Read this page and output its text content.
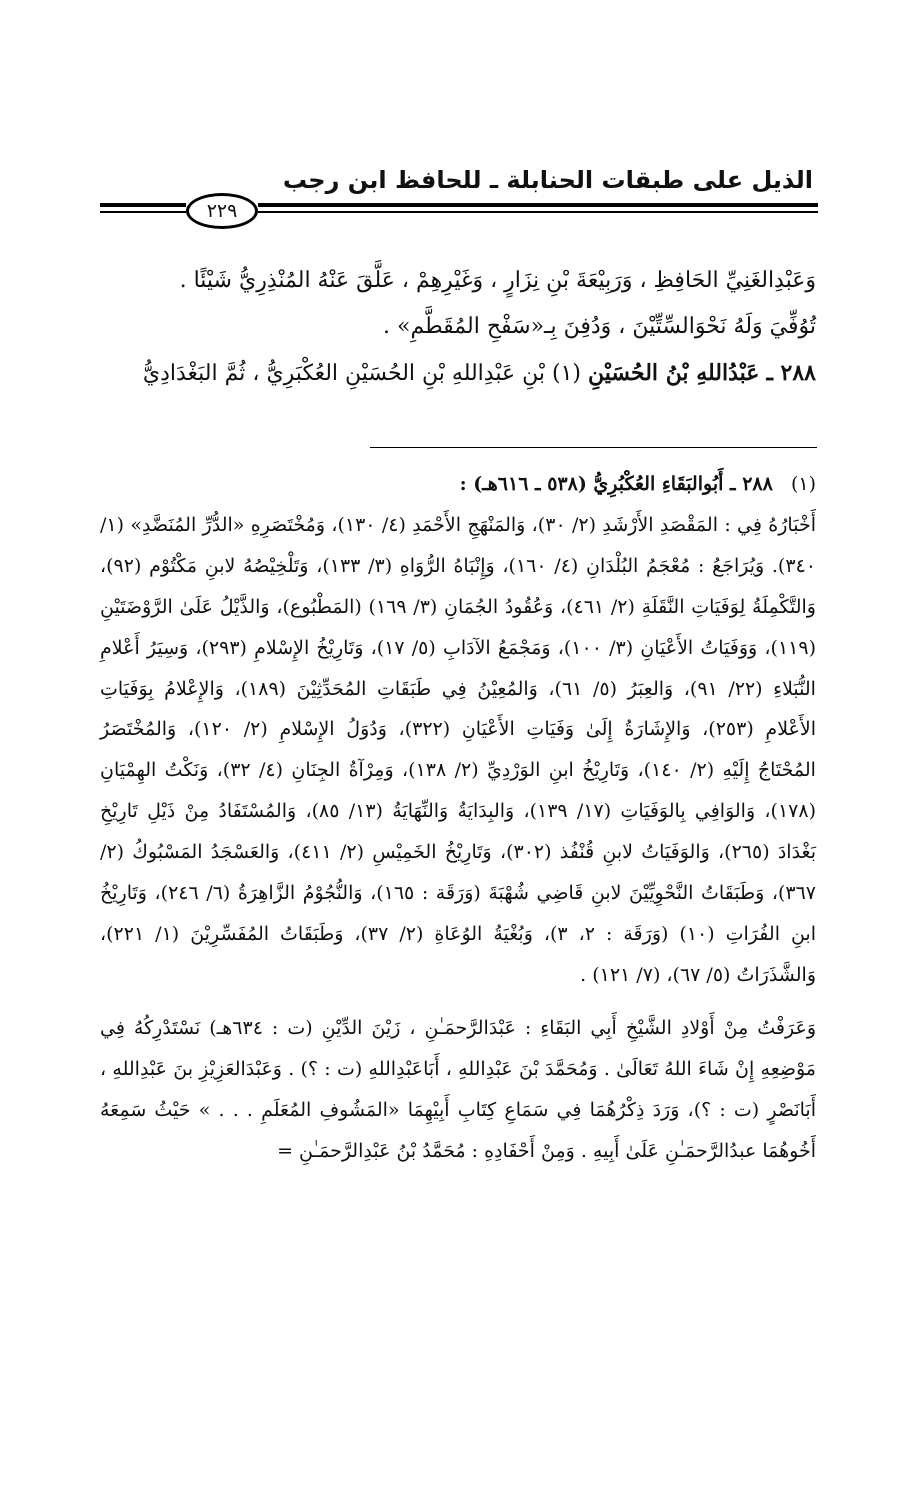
الذيل على طبقات الحنابلة ـ للحافظ ابن رجب
٢٢٩

وَعَبْدِالغَنِيِّ الحَافِظِ ، وَرَبِيْعَةَ بْنِ نِزَارٍ ، وَغَيْرِهِمْ ، عَلَّقَ عَنْهُ المُنْذِرِيُّ شَيْئًا .

تُوُفِّيَ وَلَهُ نَحْوَالسِّتِّيْنَ ، وَدُفِنَ بِـ«سَفْحِ المُقَطَّمِ» .

٢٨٨ ـ عَبْدُاللهِ بْنُ الحُسَيْنِ (١) بْنِ عَبْدِاللهِ بْنِ الحُسَيْنِ العُكْبَرِيُّ ، ثُمَّ البَغْدَادِيُّ

(١)   ٢٨٨ ـ أَبُوالبَقَاءِ العُكْبُرِيُّ (٥٣٨ ـ ٦١٦هـ) :

أَخْبَارُهُ فِي : المَقْصَدِ الأَرْشَدِ (٢/ ٣٠)، وَالمَنْهَجِ الأَحْمَدِ (٤/ ١٣٠)، وَمُخْتَصَرِهِ «الدُّرِّ المُنَضَّدِ» (١/ ٣٤٠). وَيُرَاجَعُ : مُعْجَمُ البُلْدَانِ (٤/ ١٦٠)، وَإِنْبَاهُ الرُّوَاهِ (٣/ ١٣٣)، وَتَلْخِيْصُهُ لابنِ مَكْتُوْم (٩٢)، وَالتَّكْمِلَةُ لِوَفَيَاتِ النَّقَلَةِ (٢/ ٤٦١)، وَعُقُودُ الجُمَانِ (٣/ ١٦٩) (المَطْبُوع)، وَالذَّيْلُ عَلَىٰ الرَّوْضَتَيْنِ (١١٩)، وَوَفَيَاتُ الأَعْيَانِ (٣/ ١٠٠)، وَمَجْمَعُ الآدَابِ (٥/ ١٧)، وَتَارِيْخُ الإِسْلامِ (٢٩٣)، وَسِيَرُ أَعْلامِ النُّبَلاءِ (٢٢/ ٩١)، وَالعِبَرُ (٥/ ٦١)، وَالمُعِيْنُ فِي طَبَقَاتِ المُحَدِّثِيْنَ (١٨٩)، وَالإِعْلامُ بِوَفَيَاتِ الأَعْلامِ (٢٥٣)، وَالإِشَارَةُ إِلَىٰ وَفَيَاتِ الأَعْيَانِ (٣٢٢)، وَدُوَلُ الإِسْلامِ (٢/ ١٢٠)، وَالمُخْتَصَرُ المُحْتَاجُ إِلَيْهِ (٢/ ١٤٠)، وَتَارِيْخُ ابنِ الوَرْدِيِّ (٢/ ١٣٨)، وَمِرْآةُ الجِنَانِ (٤/ ٣٢)، وَنَكْتُ الهِمْيَانِ (١٧٨)، وَالوَافِي بِالوَفَيَاتِ (١٧/ ١٣٩)، وَالبِدَايَةُ وَالنِّهَايَةُ (١٣/ ٨٥)، وَالمُسْتَفَادُ مِنْ ذَيْلِ تَارِيْخِ بَغْدَادَ (٢٦٥)، وَالوَفَيَاتُ لابنِ قُنْفُذ (٣٠٢)، وَتَارِيْخُ الخَمِيْسِ (٢/ ٤١١)، وَالعَسْجَدُ المَسْبُوكُ (٢/ ٣٦٧)، وَطَبَقَاتُ النَّحْوِيِّيْنَ لابنِ قَاضِي شُهْبَةَ (وَرَقَة : ١٦٥)، وَالنُّجُوْمُ الزَّاهِرَةُ (٦/ ٢٤٦)، وَتَارِيْخُ ابنِ الفُرَاتِ (١٠) (وَرَقَة : ٢، ٣)، وَبُغْيَةُ الوُعَاةِ (٢/ ٣٧)، وَطَبَقَاتُ المُفَسِّرِيْنَ (١/ ٢٢١)، وَالشَّذَرَاتُ (٥/ ٦٧)، (٧/ ١٢١) .

وَعَرَفْتُ مِنْ أَوْلادِ الشَّيْخِ أَبِي البَقَاءِ : عَبْدَالرَّحمَـٰنِ ، زَيْنَ الدِّيْنِ (ت : ٦٣٤هـ) نَسْتَدْرِكُهُ فِي مَوْضِعِهِ إِنْ شَاءَ اللهُ تَعَالَىٰ . وَمُحَمَّدَ بْنَ عَبْدِاللهِ ، أَبَاعَبْدِاللهِ (ت : ؟) . وَعَبْدَالعَزِيْزِ بنَ عَبْدِاللهِ ، أَبَانَصْرٍ (ت : ؟)، وَرَدَ ذِكْرُهُمَا فِي سَمَاعِ كِتَابِ أَبِيْهِمَا «المَشُوفِ المُعَلَمِ . . . » حَيْثُ سَمِعَهُ أَخُوهُمَا عبدُالرَّحمَـٰنِ عَلَىٰ أَبِيهِ . وَمِنْ أَحْفَادِهِ : مُحَمَّدُ بْنُ عَبْدِالرَّحمَـٰنِ =
